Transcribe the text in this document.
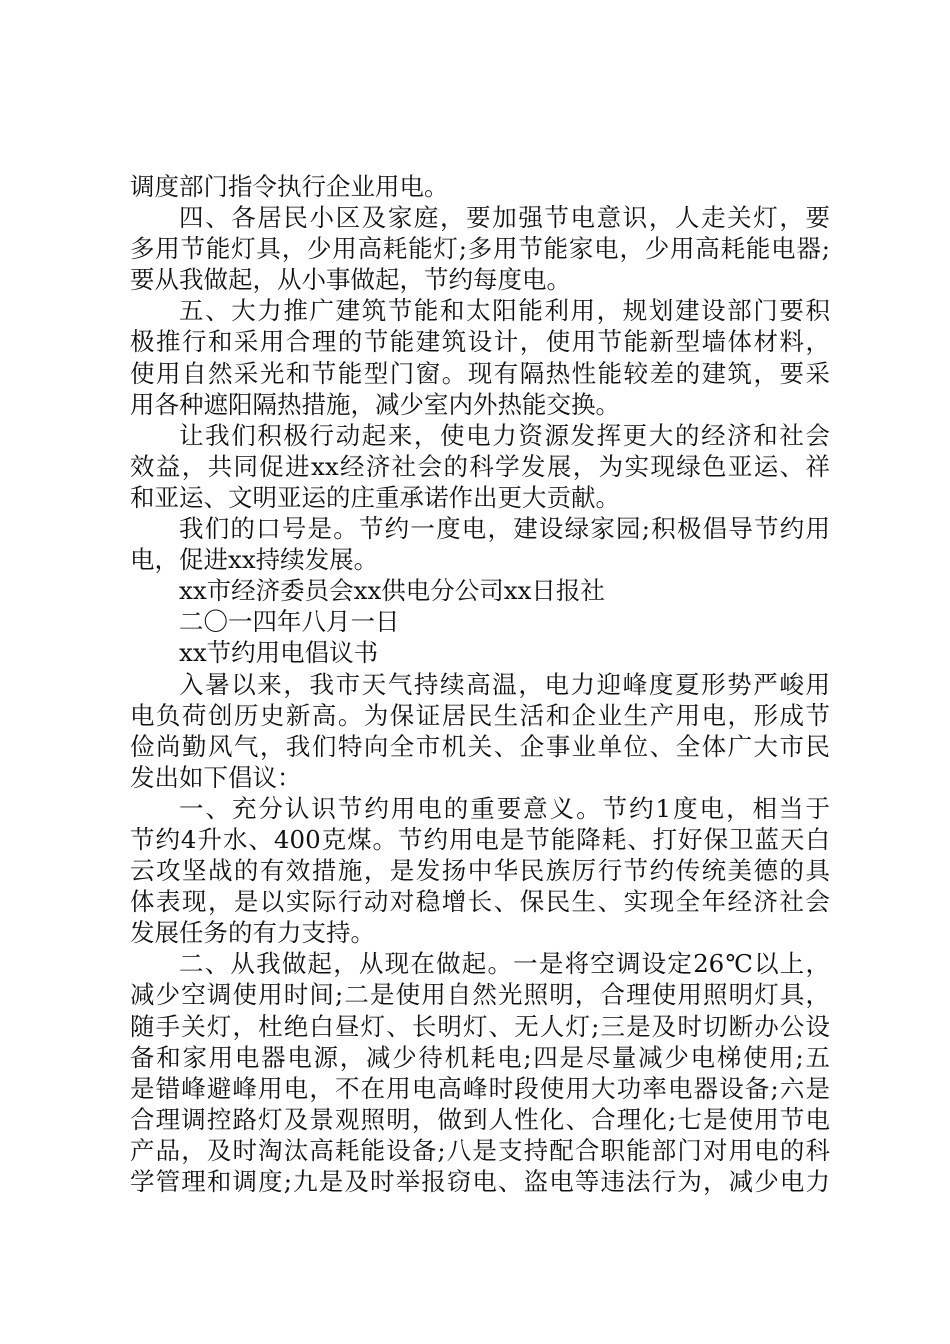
调度部门指令执行企业用电。
四、各居民小区及家庭，要加强节电意识，人走关灯，要
多用节能灯具，少用高耗能灯;多用节能家电，少用高耗能电器;
要从我做起，从小事做起，节约每度电。
五、大力推广建筑节能和太阳能利用，规划建设部门要积
极推行和采用合理的节能建筑设计，使用节能新型墙体材料，
使用自然采光和节能型门窗。现有隔热性能较差的建筑，要采
用各种遮阳隔热措施，减少室内外热能交换。
让我们积极行动起来，使电力资源发挥更大的经济和社会
效益，共同促进xx经济社会的科学发展，为实现绿色亚运、祥
和亚运、文明亚运的庄重承诺作出更大贡献。
我们的口号是。节约一度电，建设绿家园;积极倡导节约用
电，促进xx持续发展。
xx市经济委员会xx供电分公司xx日报社
二〇一四年八月一日
xx节约用电倡议书
入暑以来，我市天气持续高温，电力迎峰度夏形势严峻用
电负荷创历史新高。为保证居民生活和企业生产用电，形成节
俭尚勤风气，我们特向全市机关、企事业单位、全体广大市民
发出如下倡议：
一、充分认识节约用电的重要意义。节约1度电，相当于
节约4升水、400克煤。节约用电是节能降耗、打好保卫蓝天白
云攻坚战的有效措施，是发扬中华民族厉行节约传统美德的具
体表现，是以实际行动对稳增长、保民生、实现全年经济社会
发展任务的有力支持。
二、从我做起，从现在做起。一是将空调设定26℃以上，
减少空调使用时间;二是使用自然光照明，合理使用照明灯具，
随手关灯，杜绝白昼灯、长明灯、无人灯;三是及时切断办公设
备和家用电器电源，减少待机耗电;四是尽量减少电梯使用;五
是错峰避峰用电，不在用电高峰时段使用大功率电器设备;六是
合理调控路灯及景观照明，做到人性化、合理化;七是使用节电
产品，及时淘汰高耗能设备;八是支持配合职能部门对用电的科
学管理和调度;九是及时举报窃电、盗电等违法行为，减少电力
